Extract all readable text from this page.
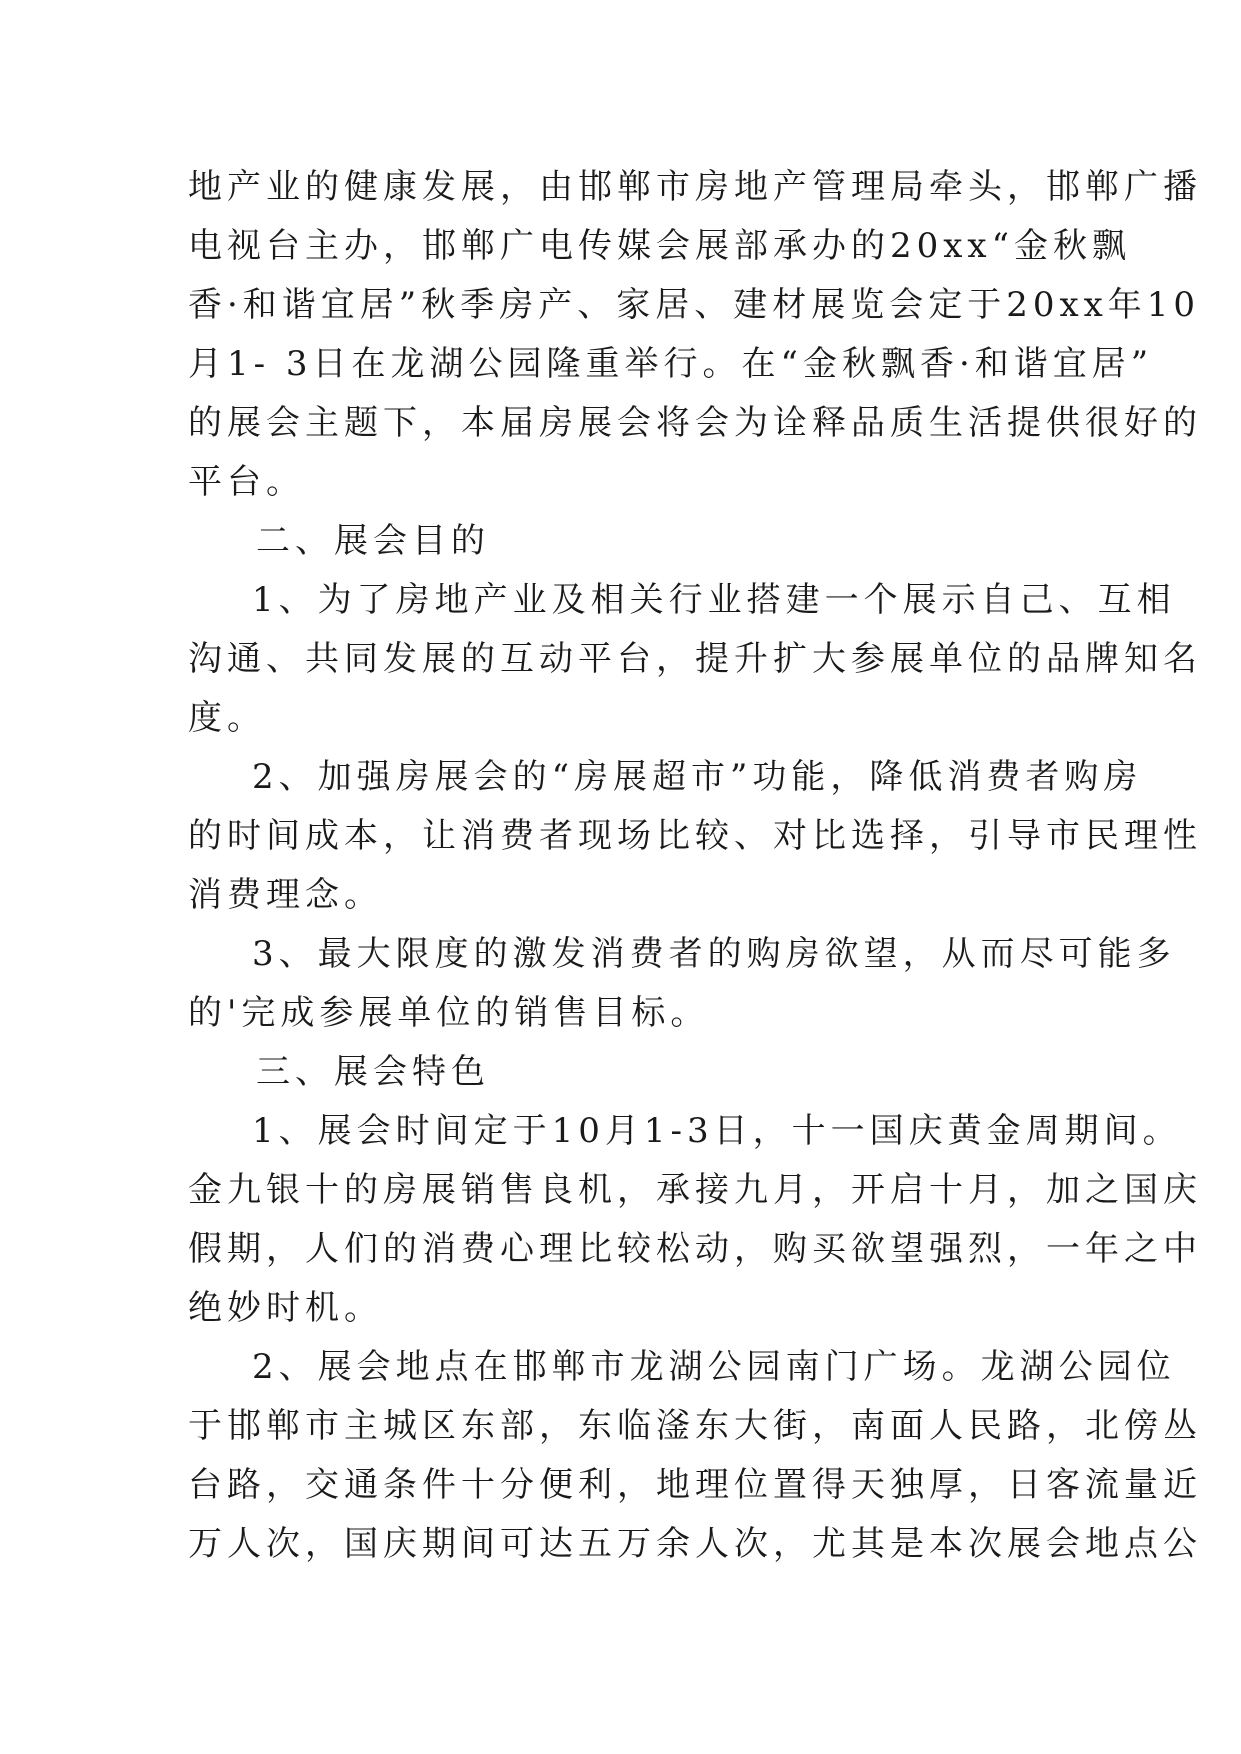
地产业的健康发展，由邯郸市房地产管理局牵头，邯郸广播

电视台主办，邯郸广电传媒会展部承办的20xx“金秋飘

香·和谐宜居”秋季房产、家居、建材展览会定于20xx年10

月1- 3日在龙湖公园隆重举行。在“金秋飘香·和谐宜居”

的展会主题下，本届房展会将会为诠释品质生活提供很好的

平台。

二、展会目的

1、为了房地产业及相关行业搭建一个展示自己、互相

沟通、共同发展的互动平台，提升扩大参展单位的品牌知名

度。

2、加强房展会的“房展超市”功能，降低消费者购房

的时间成本，让消费者现场比较、对比选择，引导市民理性

消费理念。

3、最大限度的激发消费者的购房欲望，从而尽可能多

的'完成参展单位的销售目标。

三、展会特色

1、展会时间定于10月1-3日，十一国庆黄金周期间。

金九银十的房展销售良机，承接九月，开启十月，加之国庆

假期，人们的消费心理比较松动，购买欲望强烈，一年之中

绝妙时机。

2、展会地点在邯郸市龙湖公园南门广场。龙湖公园位

于邯郸市主城区东部，东临滏东大街，南面人民路，北傍丛

台路，交通条件十分便利，地理位置得天独厚，日客流量近

万人次，国庆期间可达五万余人次，尤其是本次展会地点公
